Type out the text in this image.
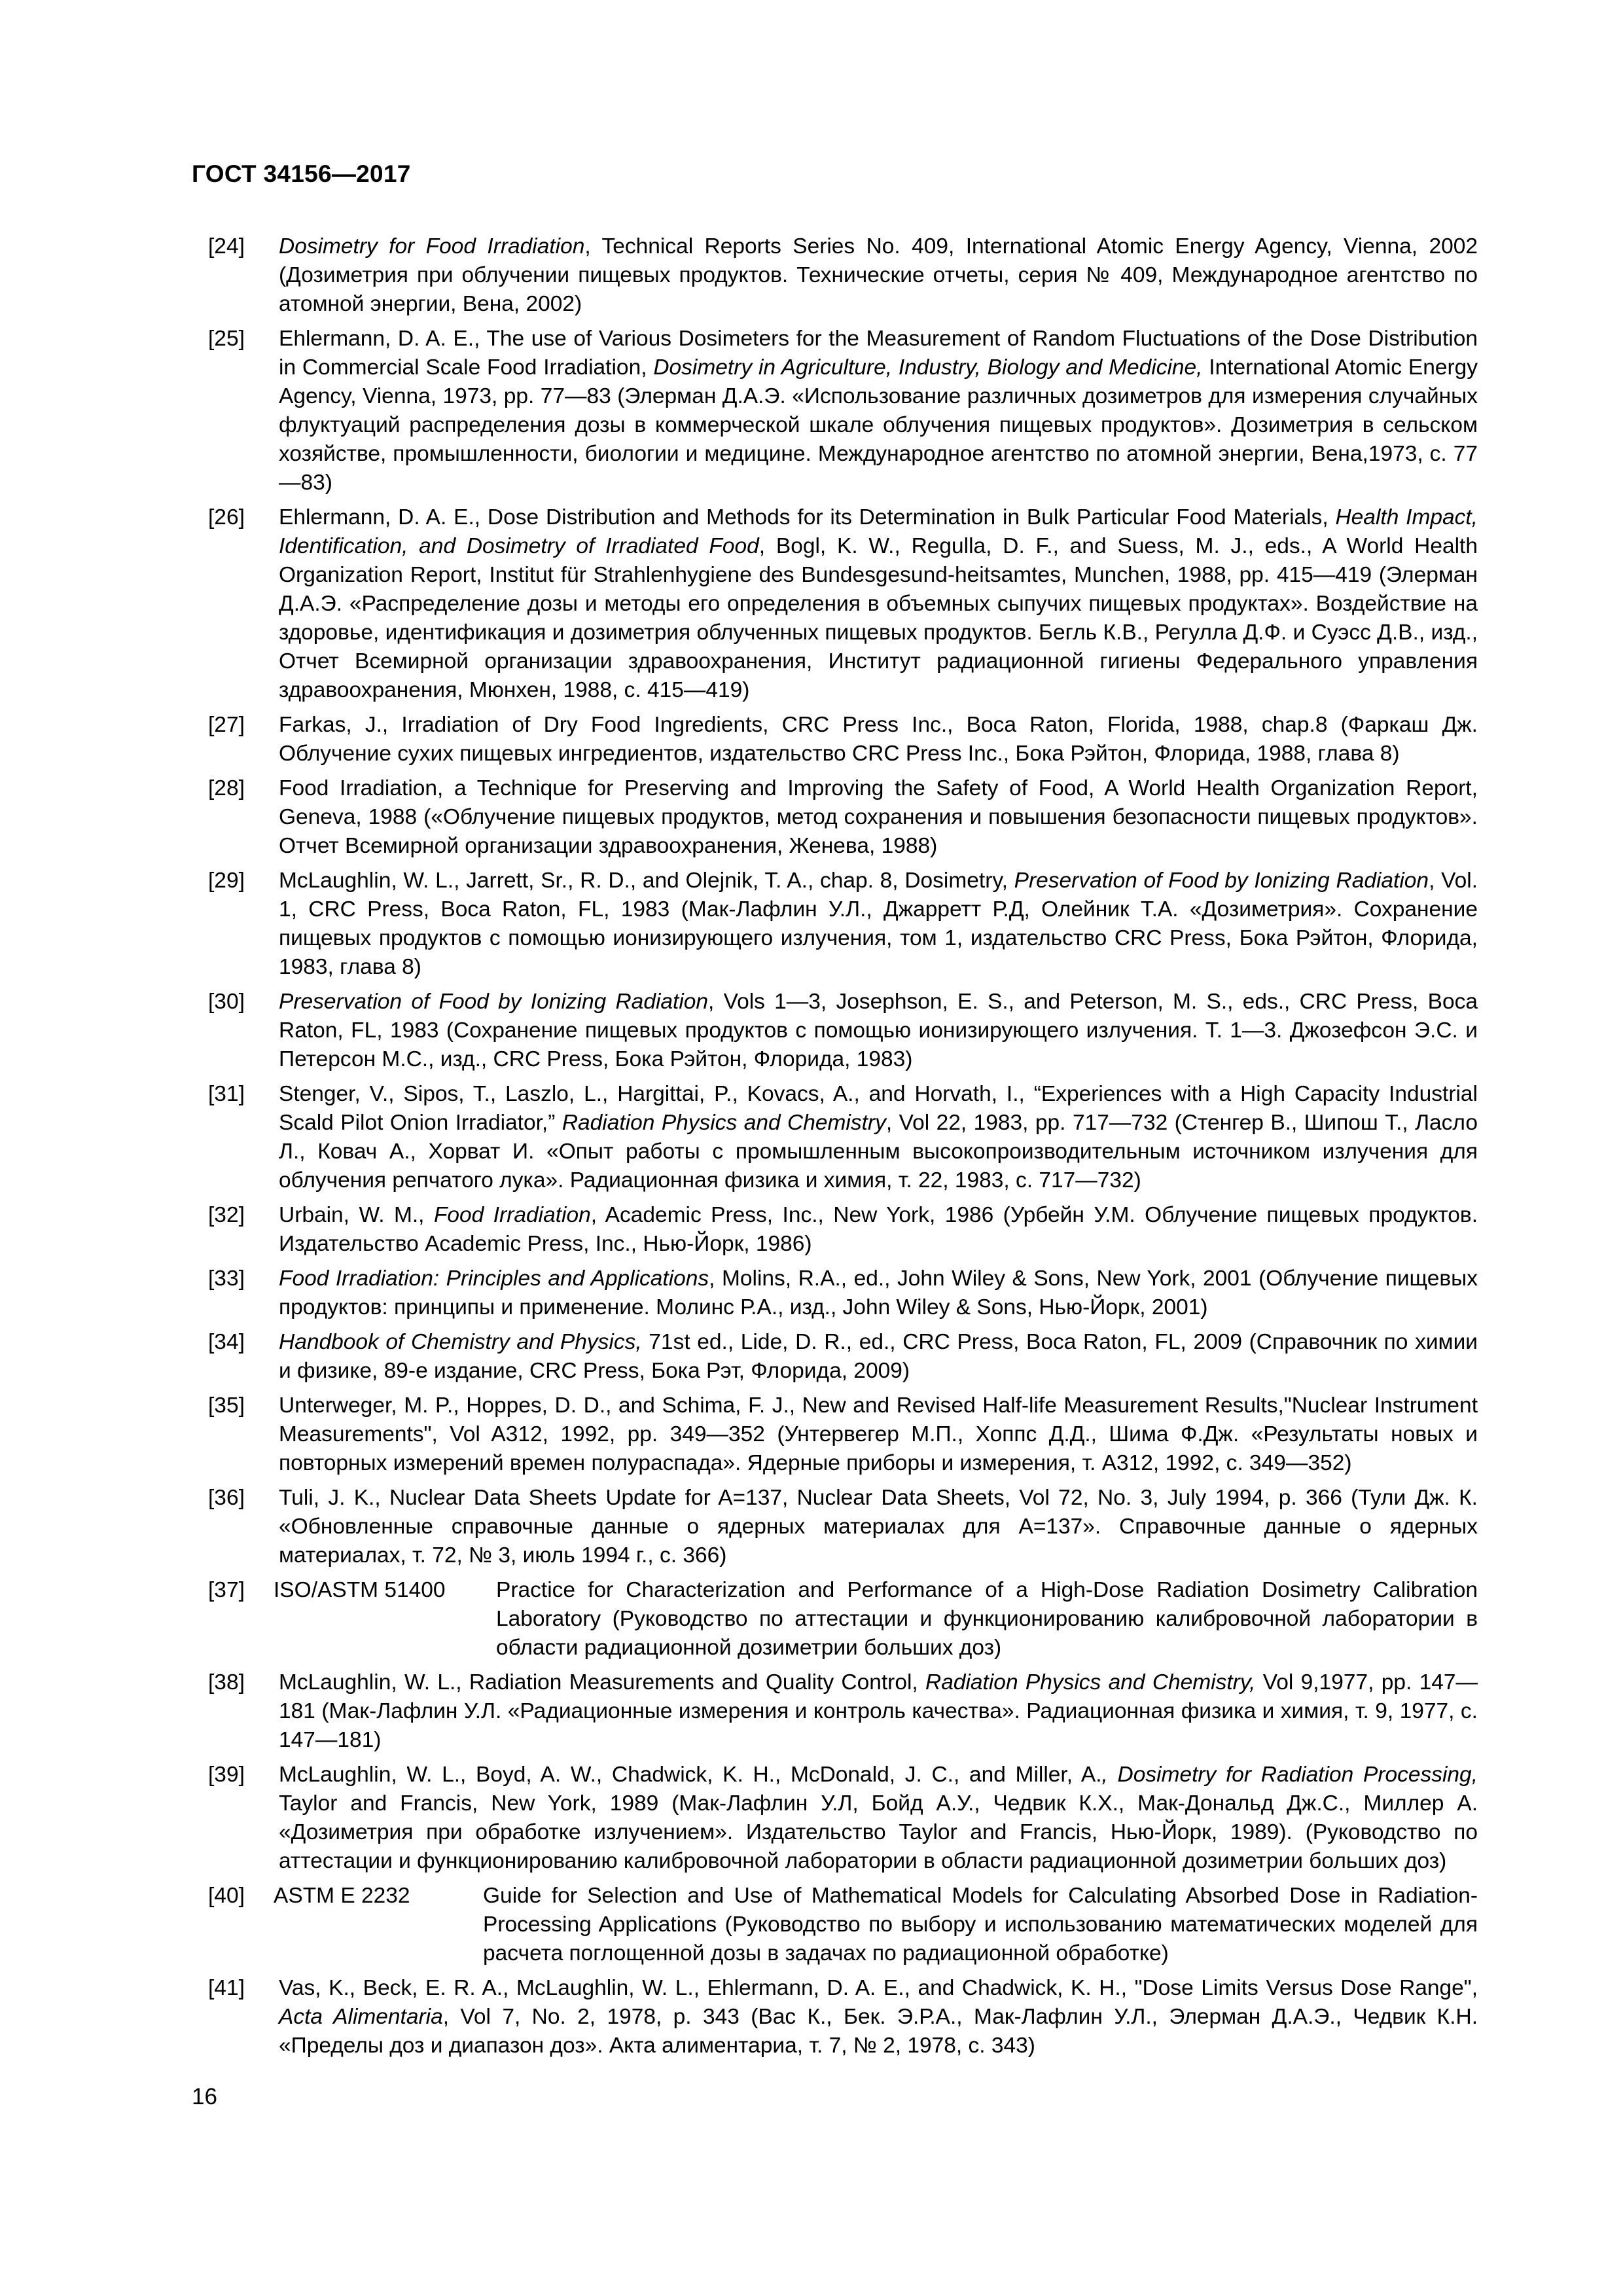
ГОСТ 34156—2017
[24] Dosimetry for Food Irradiation, Technical Reports Series No. 409, International Atomic Energy Agency, Vienna, 2002 (Дозиметрия при облучении пищевых продуктов. Технические отчеты, серия № 409, Международное агентство по атомной энергии, Вена, 2002)
[25] Ehlermann, D. A. E., The use of Various Dosimeters for the Measurement of Random Fluctuations of the Dose Distribution in Commercial Scale Food Irradiation, Dosimetry in Agriculture, Industry, Biology and Medicine, International Atomic Energy Agency, Vienna, 1973, pp. 77—83 (Элерман Д.А.Э. «Использование различных дозиметров для измерения случайных флуктуаций распределения дозы в коммерческой шкале облучения пищевых продуктов». Дозиметрия в сельском хозяйстве, промышленности, биологии и медицине. Международное агентство по атомной энергии, Вена,1973, с. 77—83)
[26] Ehlermann, D. A. E., Dose Distribution and Methods for its Determination in Bulk Particular Food Materials, Health Impact, Identification, and Dosimetry of Irradiated Food, Bogl, K. W., Regulla, D. F., and Suess, M. J., eds., A World Health Organization Report, Institut für Strahlenhygiene des Bundesgesund-heitsamtes, Munchen, 1988, pp. 415—419 (Элерман Д.А.Э. «Распределение дозы и методы его определения в объемных сыпучих пищевых продуктах». Воздействие на здоровье, идентификация и дозиметрия облученных пищевых продуктов. Бегль К.В., Регулла Д.Ф. и Суэсс Д.В., изд., Отчет Всемирной организации здравоохранения, Институт радиационной гигиены Федерального управления здравоохранения, Мюнхен, 1988, с. 415—419)
[27] Farkas, J., Irradiation of Dry Food Ingredients, CRC Press Inc., Boca Raton, Florida, 1988, chap.8 (Фаркаш Дж. Облучение сухих пищевых ингредиентов, издательство CRC Press Inc., Бока Рэйтон, Флорида, 1988, глава 8)
[28] Food Irradiation, a Technique for Preserving and Improving the Safety of Food, A World Health Organization Report, Geneva, 1988 («Облучение пищевых продуктов, метод сохранения и повышения безопасности пищевых продуктов». Отчет Всемирной организации здравоохранения, Женева, 1988)
[29] McLaughlin, W. L., Jarrett, Sr., R. D., and Olejnik, T. A., chap. 8, Dosimetry, Preservation of Food by Ionizing Radiation, Vol. 1, CRC Press, Boca Raton, FL, 1983 (Мак-Лафлин У.Л., Джарретт Р.Д, Олейник Т.А. «Дозиметрия». Сохранение пищевых продуктов с помощью ионизирующего излучения, том 1, издательство CRC Press, Бока Рэйтон, Флорида, 1983, глава 8)
[30] Preservation of Food by Ionizing Radiation, Vols 1—3, Josephson, E. S., and Peterson, M. S., eds., CRC Press, Boca Raton, FL, 1983 (Сохранение пищевых продуктов с помощью ионизирующего излучения. Т. 1—3. Джозефсон Э.С. и Петерсон М.С., изд., CRC Press, Бока Рэйтон, Флорида, 1983)
[31] Stenger, V., Sipos, T., Laszlo, L., Hargittai, P., Kovacs, A., and Horvath, I., “Experiences with a High Capacity Industrial Scald Pilot Onion Irradiator,” Radiation Physics and Chemistry, Vol 22, 1983, pp. 717—732 (Стенгер В., Шипош Т., Ласло Л., Ковач А., Хорват И. «Опыт работы с промышленным высокопроизводительным источником излучения для облучения репчатого лука». Радиационная физика и химия, т. 22, 1983, с. 717—732)
[32] Urbain, W. M., Food Irradiation, Academic Press, Inc., New York, 1986 (Урбейн У.М. Облучение пищевых продуктов. Издательство Academic Press, Inc., Нью-Йорк, 1986)
[33] Food Irradiation: Principles and Applications, Molins, R.A., ed., John Wiley & Sons, New York, 2001 (Облучение пищевых продуктов: принципы и применение. Молинс Р.А., изд., John Wiley & Sons, Нью-Йорк, 2001)
[34] Handbook of Chemistry and Physics, 71st ed., Lide, D. R., ed., CRC Press, Boca Raton, FL, 2009 (Справочник по химии и физике, 89-е издание, CRC Press, Бока Рэт, Флорида, 2009)
[35] Unterweger, M. P., Hoppes, D. D., and Schima, F. J., New and Revised Half-life Measurement Results,"Nuclear Instrument Measurements", Vol A312, 1992, pp. 349—352 (Унтервегер М.П., Хоппс Д.Д., Шима Ф.Дж. «Результаты новых и повторных измерений времен полураспада». Ядерные приборы и измерения, т. A312, 1992, с. 349—352)
[36] Tuli, J. K., Nuclear Data Sheets Update for A=137, Nuclear Data Sheets, Vol 72, No. 3, July 1994, p. 366 (Тули Дж. К. «Обновленные справочные данные о ядерных материалах для А=137». Справочные данные о ядерных материалах, т. 72, № 3, июль 1994 г., с. 366)
[37] ISO/ASTM 51400 Practice for Characterization and Performance of a High-Dose Radiation Dosimetry Calibration Laboratory (Руководство по аттестации и функционированию калибровочной лаборатории в области радиационной дозиметрии больших доз)
[38] McLaughlin, W. L., Radiation Measurements and Quality Control, Radiation Physics and Chemistry, Vol 9,1977, pp. 147—181 (Мак-Лафлин У.Л. «Радиационные измерения и контроль качества». Радиационная физика и химия, т. 9, 1977, с. 147—181)
[39] McLaughlin, W. L., Boyd, A. W., Chadwick, K. H., McDonald, J. C., and Miller, A., Dosimetry for Radiation Processing, Taylor and Francis, New York, 1989 (Мак-Лафлин У.Л, Бойд А.У., Чедвик К.Х., Мак-Дональд Дж.С., Миллер А. «Дозиметрия при обработке излучением». Издательство Taylor and Francis, Нью-Йорк, 1989). (Руководство по аттестации и функционированию калибровочной лаборатории в области радиационной дозиметрии больших доз)
[40] ASTM E 2232	Guide for Selection and Use of Mathematical Models for Calculating Absorbed Dose in Radiation-Processing Applications (Руководство по выбору и использованию математических моделей для расчета поглощенной дозы в задачах по радиационной обработке)
[41] Vas, K., Beck, E. R. A., McLaughlin, W. L., Ehlermann, D. A. E., and Chadwick, K. H., "Dose Limits Versus Dose Range", Acta Alimentaria, Vol 7, No. 2, 1978, p. 343 (Вас К., Бек. Э.Р.А., Мак-Лафлин У.Л., Элерман Д.А.Э., Чедвик К.Н. «Пределы доз и диапазон доз». Акта алиментариа, т. 7, № 2, 1978, с. 343)
16
